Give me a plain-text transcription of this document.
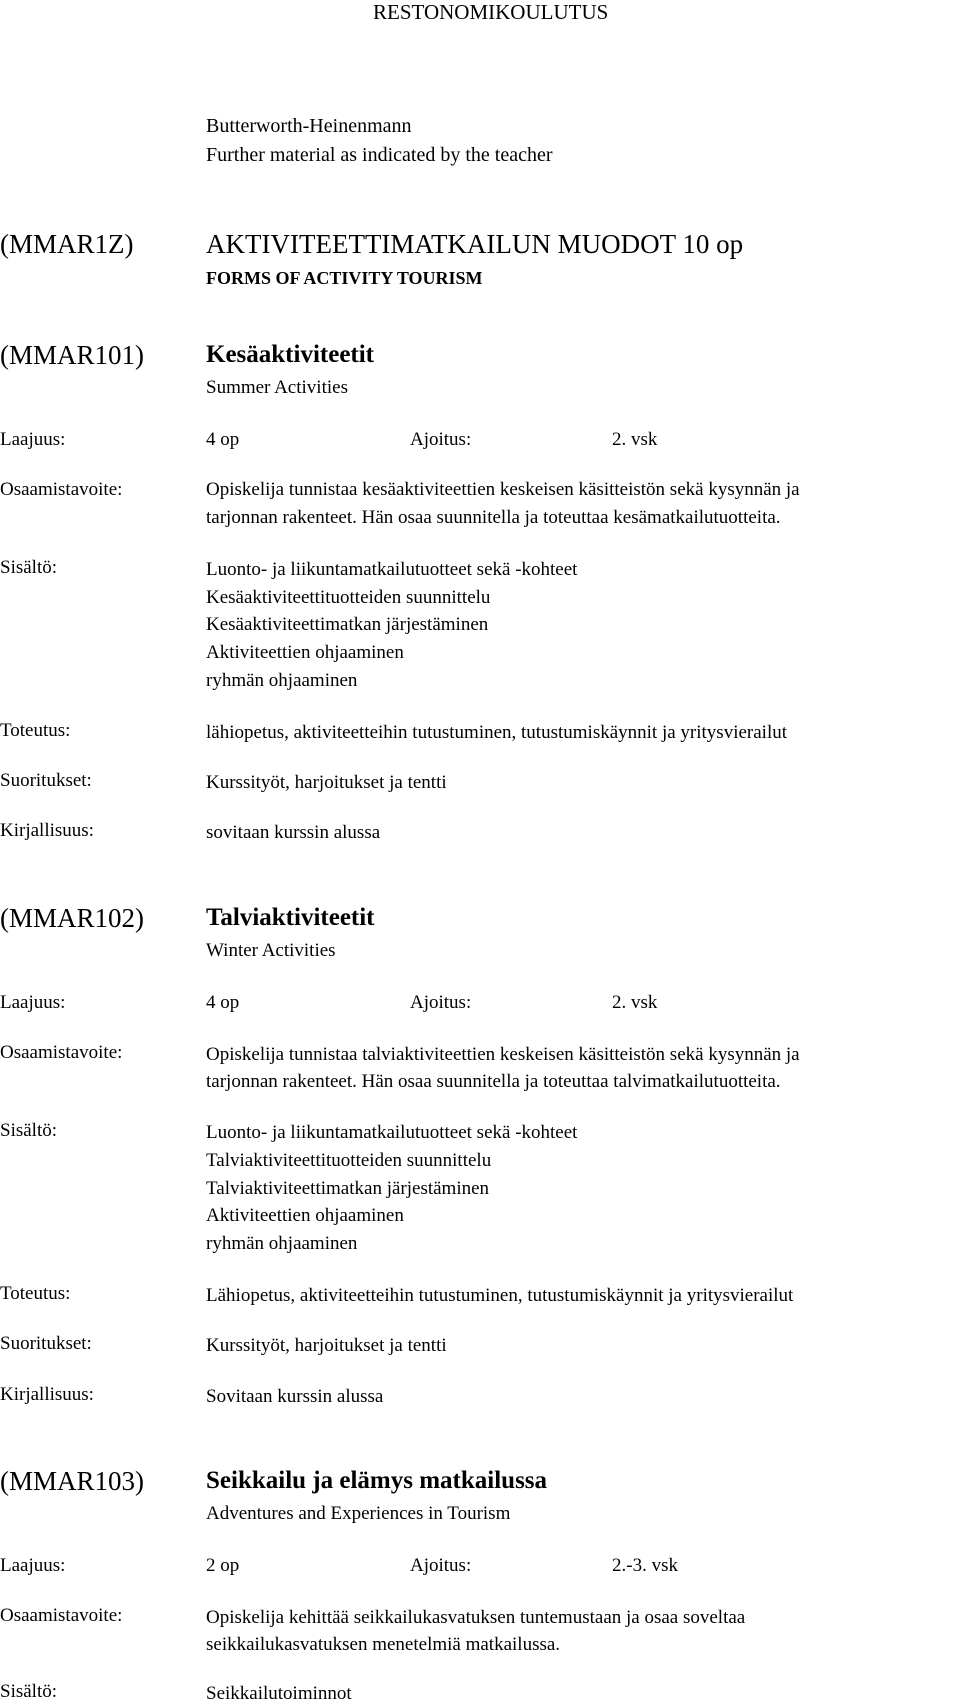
RESTONOMIKOULUTUS
Butterworth-Heinenmann
Further material as indicated by the teacher
(MMAR1Z)	AKTIVITEETTIMATKAILUN MUODOT 10 op
FORMS OF ACTIVITY TOURISM
(MMAR101) Kesäaktiviteetit
Summer Activities
Laajuus:	4 op	Ajoitus:	2. vsk
Osaamistavoite:	Opiskelija tunnistaa kesäaktiviteettien keskeisen käsitteistön sekä kysynnän ja
tarjonnan rakenteet. Hän osaa suunnitella ja toteuttaa kesämatkailutuotteita.
Sisältö:	Luonto- ja liikuntamatkailutuotteet sekä -kohteet
Kesäaktiviteettituotteiden suunnittelu
Kesäaktiviteettimatkan järjestäminen
Aktiviteettien ohjaaminen
ryhmän ohjaaminen
Toteutus:	lähiopetus, aktiviteetteihin tutustuminen, tutustumiskäynnit ja yritysvierailut
Suoritukset:	Kurssityöt, harjoitukset ja tentti
Kirjallisuus:	sovitaan kurssin alussa
(MMAR102) Talviaktiviteetit
Winter Activities
Laajuus:	4 op	Ajoitus:	2. vsk
Osaamistavoite:	Opiskelija tunnistaa talviaktiviteettien keskeisen käsitteistön sekä kysynnän ja
tarjonnan rakenteet. Hän osaa suunnitella ja toteuttaa talvimatkailutuotteita.
Sisältö:	Luonto- ja liikuntamatkailutuotteet sekä -kohteet
Talviaktiviteettituotteiden suunnittelu
Talviaktiviteettimatkan järjestäminen
Aktiviteettien ohjaaminen
ryhmän ohjaaminen
Toteutus:	Lähiopetus, aktiviteetteihin tutustuminen, tutustumiskäynnit ja yritysvierailut
Suoritukset:	Kurssityöt, harjoitukset ja tentti
Kirjallisuus:	Sovitaan kurssin alussa
(MMAR103) Seikkailu ja elämys matkailussa
Adventures and Experiences in Tourism
Laajuus:	2 op	Ajoitus:	2.-3. vsk
Osaamistavoite:	Opiskelija kehittää seikkailukasvatuksen tuntemustaan ja osaa soveltaa
seikkailukasvatuksen menetelmiä matkailussa.
Sisältö:	Seikkailutoiminnot
